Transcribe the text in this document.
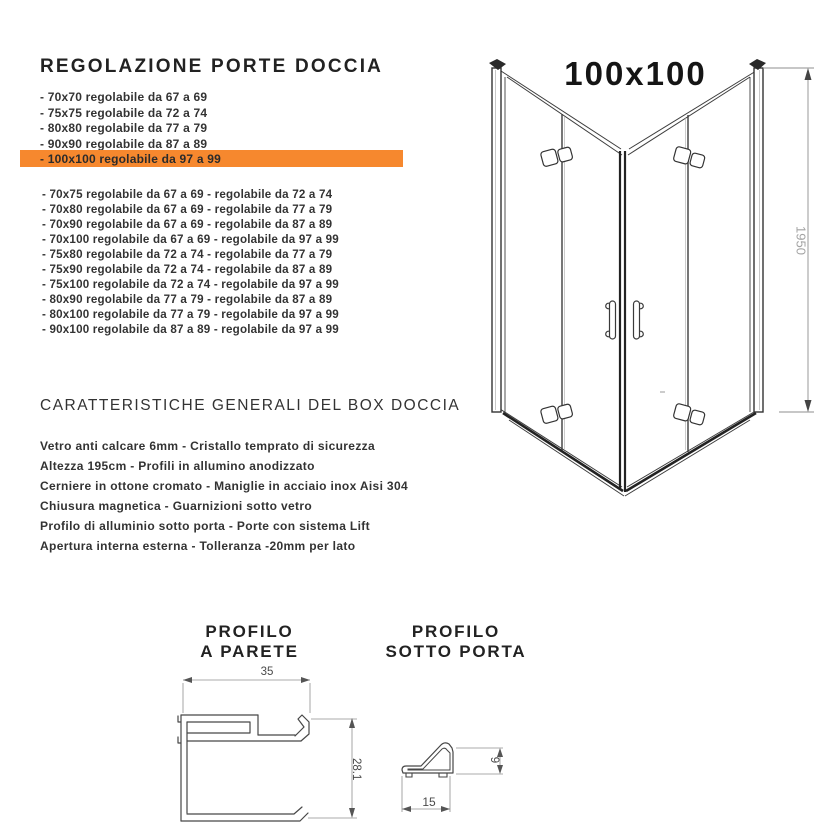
REGOLAZIONE PORTE DOCCIA
- 70x70 regolabile da 67 a 69
- 75x75 regolabile da 72 a 74
- 80x80 regolabile da 77 a 79
- 90x90 regolabile da 87 a 89
- 100x100 regolabile da 97 a 99
- 70x75 regolabile da 67 a 69 - regolabile da 72 a 74
- 70x80 regolabile da 67 a 69 - regolabile da 77 a 79
- 70x90 regolabile da 67 a 69 - regolabile da 87 a 89
- 70x100 regolabile da 67 a 69 - regolabile da 97 a 99
- 75x80 regolabile da 72 a 74 - regolabile da 77 a 79
- 75x90 regolabile da 72 a 74 - regolabile da 87 a 89
- 75x100 regolabile da 72 a 74 - regolabile da 97 a 99
- 80x90 regolabile da 77 a 79 - regolabile da 87 a 89
- 80x100 regolabile da 77 a 79 - regolabile da 97 a 99
- 90x100 regolabile da 87 a 89 - regolabile da 97 a 99
CARATTERISTICHE GENERALI DEL BOX DOCCIA
Vetro anti calcare 6mm - Cristallo temprato di sicurezza
Altezza 195cm - Profili in allumino anodizzato
Cerniere in ottone cromato - Maniglie in acciaio inox Aisi 304
Chiusura magnetica - Guarnizioni sotto vetro
Profilo di alluminio sotto porta - Porte con sistema Lift
Apertura interna esterna - Tolleranza -20mm per lato
100x100
1950
PROFILO
A PARETE
35
28.1
PROFILO
SOTTO PORTA
9
15
